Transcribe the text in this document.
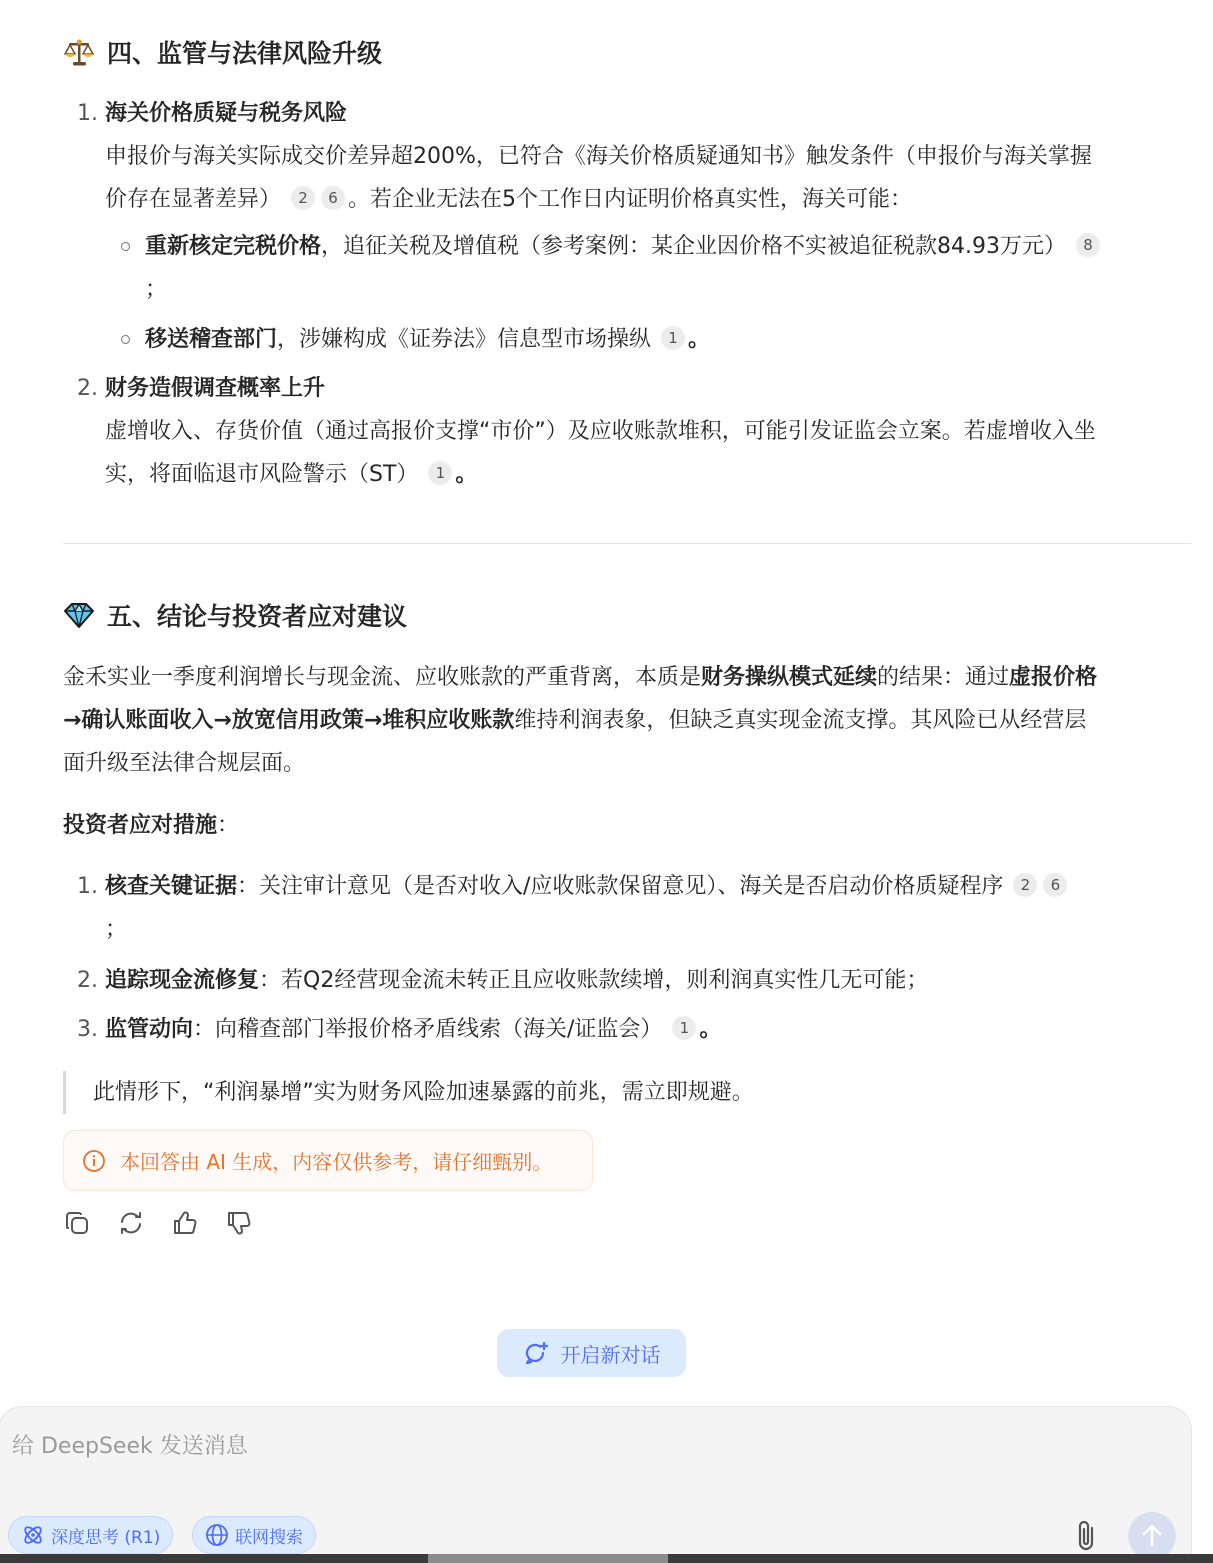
四、监管与法律风险升级
1. 海关价格质疑与税务风险
申报价与海关实际成交价差异超200%，已符合《海关价格质疑通知书》触发条件（申报价与海关掌握
价存在显著差异） 2 6 。若企业无法在5个工作日内证明价格真实性，海关可能：
重新核定完税价格，追征关税及增值税（参考案例：某企业因价格不实被追征税款84.93万元） 8
；
移送稽查部门，涉嫌构成《证券法》信息型市场操纵 1 。
2. 财务造假调查概率上升
虚增收入、存货价值（通过高报价支撑“市价”）及应收账款堆积，可能引发证监会立案。若虚增收入坐
实，将面临退市风险警示（ST） 1 。
五、结论与投资者应对建议
金禾实业一季度利润增长与现金流、应收账款的严重背离，本质是财务操纵模式延续的结果：通过虚报价格
→确认账面收入→放宽信用政策→堆积应收账款维持利润表象，但缺乏真实现金流支撑。其风险已从经营层
面升级至法律合规层面。
投资者应对措施：
1. 核查关键证据：关注审计意见（是否对收入/应收账款保留意见）、海关是否启动价格质疑程序 2 6
；
2. 追踪现金流修复：若Q2经营现金流未转正且应收账款续增，则利润真实性几无可能；
3. 监管动向：向稽查部门举报价格矛盾线索（海关/证监会） 1 。
此情形下，“利润暴增”实为财务风险加速暴露的前兆，需立即规避。
本回答由 AI 生成，内容仅供参考，请仔细甄别。
开启新对话
给 DeepSeek 发送消息
深度思考 (R1)	联网搜索
